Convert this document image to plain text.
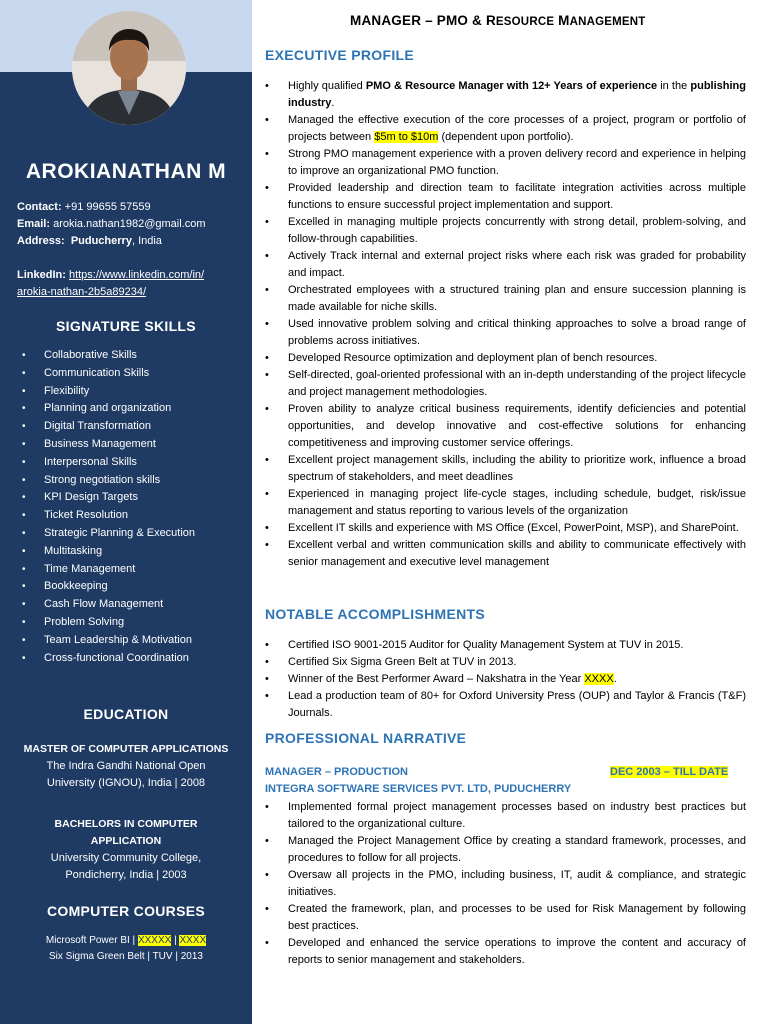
AROKIANATHAN M
Contact: +91 99655 57559
Email: arokia.nathan1982@gmail.com
Address: Puducherry, India
LinkedIn: https://www.linkedin.com/in/
arokia-nathan-2b5a89234/
SIGNATURE SKILLS
• Collaborative Skills
• Communication Skills
• Flexibility
• Planning and organization
• Digital Transformation
• Business Management
• Interpersonal Skills
• Strong negotiation skills
• KPI Design Targets
• Ticket Resolution
• Strategic Planning & Execution
• Multitasking
• Time Management
• Bookkeeping
• Cash Flow Management
• Problem Solving
• Team Leadership & Motivation
• Cross-functional Coordination
EDUCATION
MASTER OF COMPUTER APPLICATIONS
The Indra Gandhi National Open
University (IGNOU), India | 2008
BACHELORS IN COMPUTER
APPLICATION
University Community College,
Pondicherry, India | 2003
COMPUTER COURSES
Microsoft Power BI | XXXXX | XXXX
Six Sigma Green Belt | TUV | 2013
MANAGER – PMO & RESOURCE MANAGEMENT
EXECUTIVE PROFILE
• Highly qualified PMO & Resource Manager with 12+ Years of experience in the publishing industry.
• Managed the effective execution of the core processes of a project, program or portfolio of projects between $5m to $10m (dependent upon portfolio).
• Strong PMO management experience with a proven delivery record and experience in helping to improve an organizational PMO function.
• Provided leadership and direction team to facilitate integration activities across multiple functions to ensure successful project implementation and support.
• Excelled in managing multiple projects concurrently with strong detail, problem-solving, and follow-through capabilities.
• Actively Track internal and external project risks where each risk was graded for probability and impact.
• Orchestrated employees with a structured training plan and ensure succession planning is made available for niche skills.
• Used innovative problem solving and critical thinking approaches to solve a broad range of problems across initiatives.
• Developed Resource optimization and deployment plan of bench resources.
• Self-directed, goal-oriented professional with an in-depth understanding of the project lifecycle and project management methodologies.
• Proven ability to analyze critical business requirements, identify deficiencies and potential opportunities, and develop innovative and cost-effective solutions for enhancing competitiveness and improving customer service offerings.
• Excellent project management skills, including the ability to prioritize work, influence a broad spectrum of stakeholders, and meet deadlines
• Experienced in managing project life-cycle stages, including schedule, budget, risk/issue management and status reporting to various levels of the organization
• Excellent IT skills and experience with MS Office (Excel, PowerPoint, MSP), and SharePoint.
• Excellent verbal and written communication skills and ability to communicate effectively with senior management and executive level management
NOTABLE ACCOMPLISHMENTS
• Certified ISO 9001-2015 Auditor for Quality Management System at TUV in 2015.
• Certified Six Sigma Green Belt at TUV in 2013.
• Winner of the Best Performer Award – Nakshatra in the Year XXXX.
• Lead a production team of 80+ for Oxford University Press (OUP) and Taylor & Francis (T&F) Journals.
PROFESSIONAL NARRATIVE
MANAGER – PRODUCTION	DEC 2003 – TILL DATE
INTEGRA SOFTWARE SERVICES PVT. LTD, PUDUCHERRY
• Implemented formal project management processes based on industry best practices but tailored to the organizational culture.
• Managed the Project Management Office by creating a standard framework, processes, and procedures to follow for all projects.
• Oversaw all projects in the PMO, including business, IT, audit & compliance, and strategic initiatives.
• Created the framework, plan, and processes to be used for Risk Management by following best practices.
• Developed and enhanced the service operations to improve the content and accuracy of reports to senior management and stakeholders.
